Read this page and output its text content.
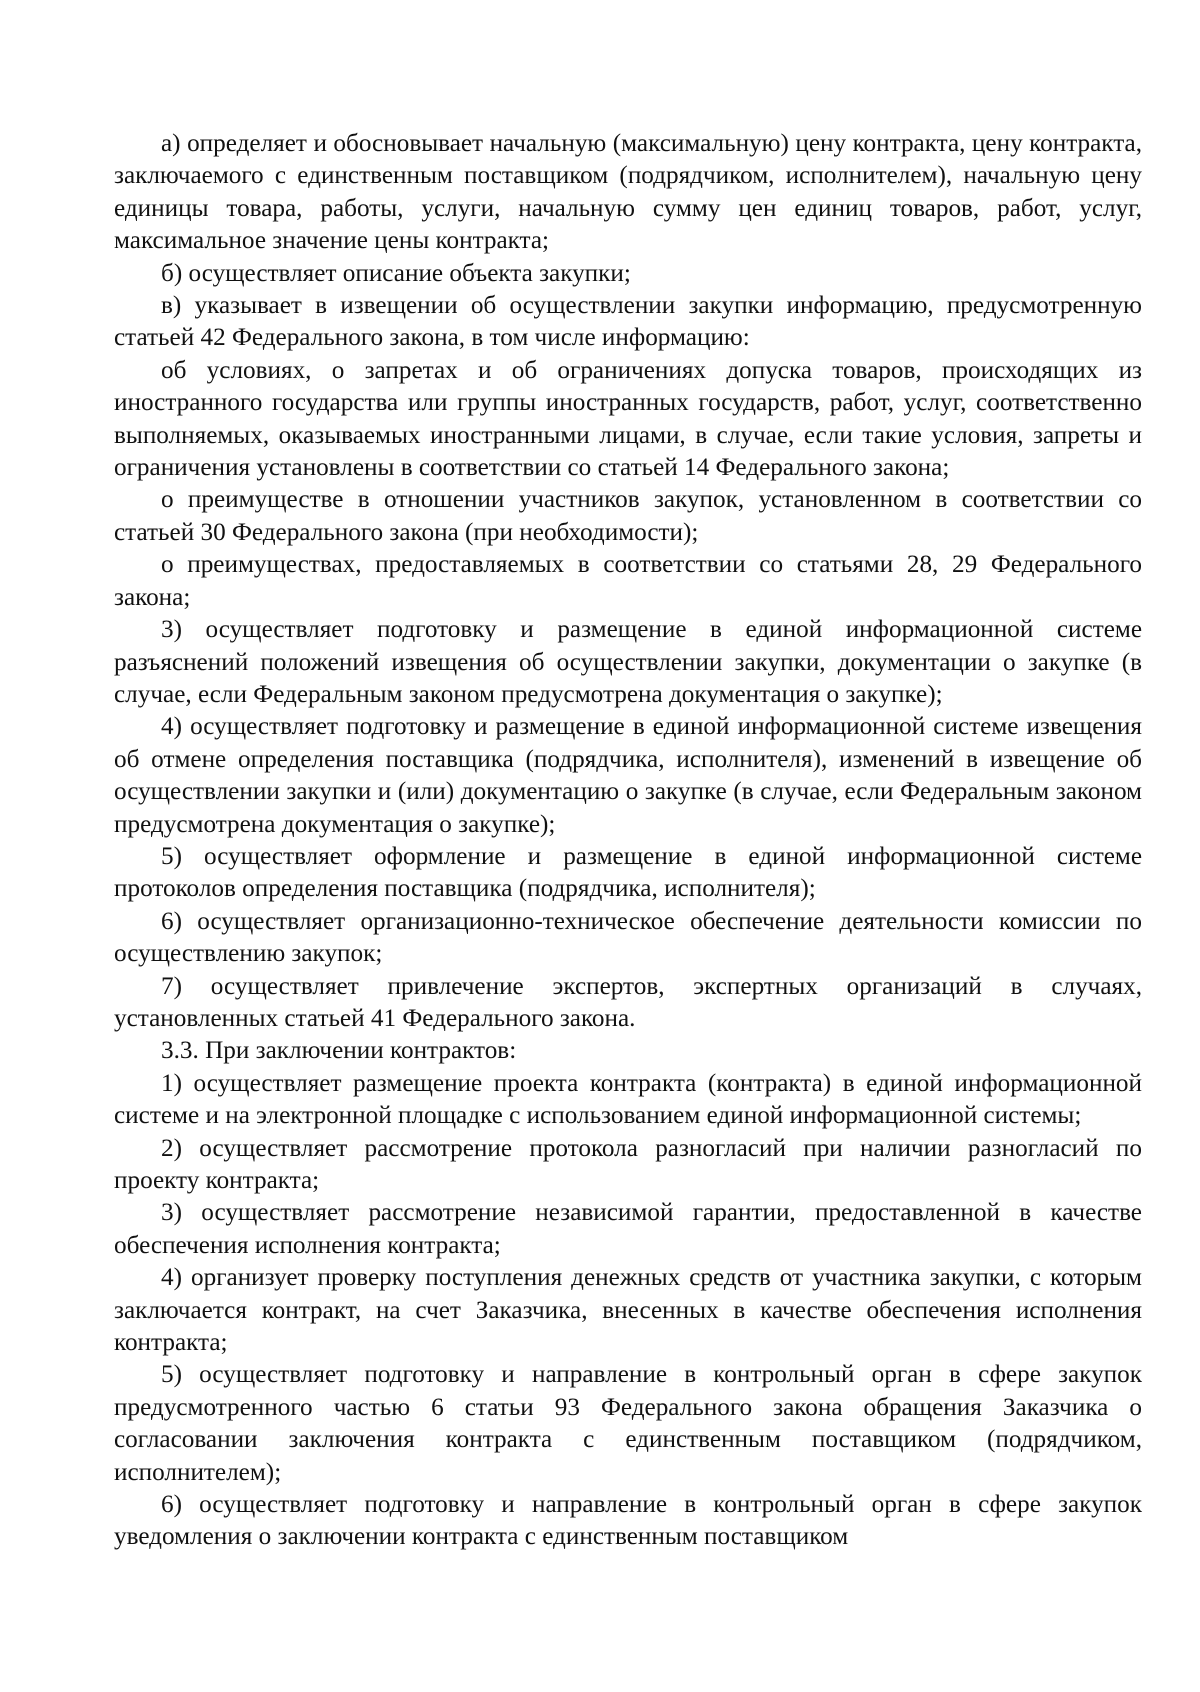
а) определяет и обосновывает начальную (максимальную) цену контракта, цену контракта, заключаемого с единственным поставщиком (подрядчиком, исполнителем), начальную цену единицы товара, работы, услуги, начальную сумму цен единиц товаров, работ, услуг, максимальное значение цены контракта;

б) осуществляет описание объекта закупки;

в) указывает в извещении об осуществлении закупки информацию, предусмотренную статьей 42 Федерального закона, в том числе информацию:

об условиях, о запретах и об ограничениях допуска товаров, происходящих из иностранного государства или группы иностранных государств, работ, услуг, соответственно выполняемых, оказываемых иностранными лицами, в случае, если такие условия, запреты и ограничения установлены в соответствии со статьей 14 Федерального закона;

о преимуществе в отношении участников закупок, установленном в соответствии со статьей 30 Федерального закона (при необходимости);

о преимуществах, предоставляемых в соответствии со статьями 28, 29 Федерального закона;

3) осуществляет подготовку и размещение в единой информационной системе разъяснений положений извещения об осуществлении закупки, документации о закупке (в случае, если Федеральным законом предусмотрена документация о закупке);

4) осуществляет подготовку и размещение в единой информационной системе извещения об отмене определения поставщика (подрядчика, исполнителя), изменений в извещение об осуществлении закупки и (или) документацию о закупке (в случае, если Федеральным законом предусмотрена документация о закупке);

5) осуществляет оформление и размещение в единой информационной системе протоколов определения поставщика (подрядчика, исполнителя);

6) осуществляет организационно-техническое обеспечение деятельности комиссии по осуществлению закупок;

7) осуществляет привлечение экспертов, экспертных организаций в случаях, установленных статьей 41 Федерального закона.

3.3. При заключении контрактов:

1) осуществляет размещение проекта контракта (контракта) в единой информационной системе и на электронной площадке с использованием единой информационной системы;

2) осуществляет рассмотрение протокола разногласий при наличии разногласий по проекту контракта;

3) осуществляет рассмотрение независимой гарантии, предоставленной в качестве обеспечения исполнения контракта;

4) организует проверку поступления денежных средств от участника закупки, с которым заключается контракт, на счет Заказчика, внесенных в качестве обеспечения исполнения контракта;

5) осуществляет подготовку и направление в контрольный орган в сфере закупок предусмотренного частью 6 статьи 93 Федерального закона обращения Заказчика о согласовании заключения контракта с единственным поставщиком (подрядчиком, исполнителем);

6) осуществляет подготовку и направление в контрольный орган в сфере закупок уведомления о заключении контракта с единственным поставщиком
